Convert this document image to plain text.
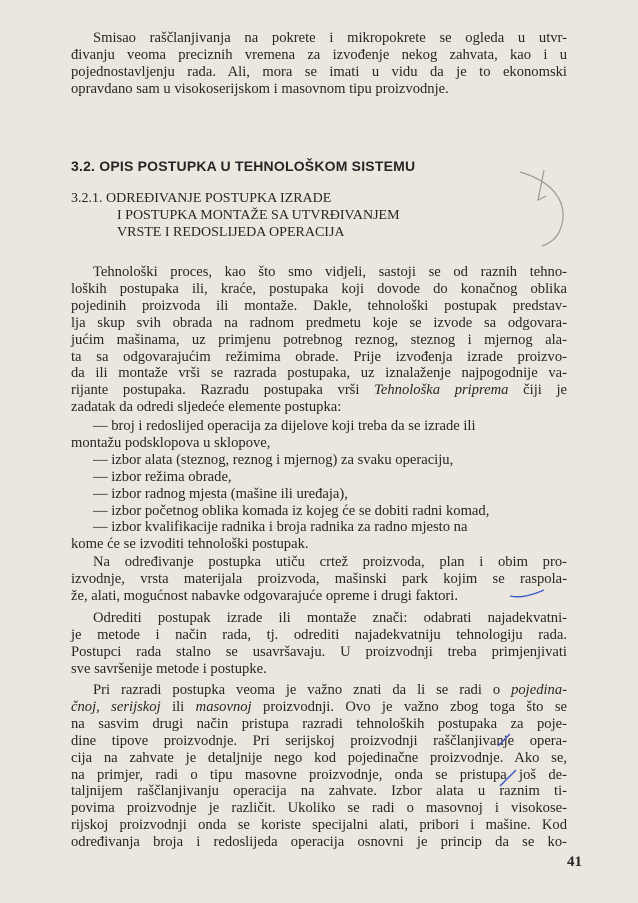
Smisao raščlanjivanja na pokrete i mikropokrete se ogleda u utvr-
đivanju veoma preciznih vremena za izvođenje nekog zahvata, kao i u
pojednostavljenju rada. Ali, mora se imati u vidu da je to ekonomski
opravdano sam u visokoserijskom i masovnom tipu proizvodnje.
3.2. OPIS POSTUPKA U TEHNOLOŠKOM SISTEMU
3.2.1. ODREĐIVANJE POSTUPKA IZRADE
I POSTUPKA MONTAŽE SA UTVRĐIVANJEM
VRSTE I REDOSLIJEDA OPERACIJA
Tehnološki proces, kao što smo vidjeli, sastoji se od raznih tehno-
loških postupaka ili, kraće, postupaka koji dovode do konačnog oblika
pojedinih proizvoda ili montaže. Dakle, tehnološki postupak predstav-
lja skup svih obrada na radnom predmetu koje se izvode sa odgovara-
jućim mašinama, uz primjenu potrebnog reznog, steznog i mjernog ala-
ta sa odgovarajućim režimima obrade. Prije izvođenja izrade proizvo-
da ili montaže vrši se razrada postupaka, uz iznalaženje najpogodnije va-
rijante postupaka. Razradu postupaka vrši Tehnološka priprema čiji je
zadatak da odredi sljedeće elemente postupka:
— broj i redoslijed operacija za dijelove koji treba da se izrade ili
montažu podsklopova u sklopove,
— izbor alata (steznog, reznog i mjernog) za svaku operaciju,
— izbor režima obrade,
— izbor radnog mjesta (mašine ili uređaja),
— izbor početnog oblika komada iz kojeg će se dobiti radni komad,
— izbor kvalifikacije radnika i broja radnika za radno mjesto na
kome će se izvoditi tehnološki postupak.
Na određivanje postupka utiču crtež proizvoda, plan i obim pro-
izvodnje, vrsta materijala proizvoda, mašinski park kojim se raspola-
že, alati, mogućnost nabavke odgovarajuće opreme i drugi faktori.
Odrediti postupak izrade ili montaže znači: odabrati najadekvatni-
je metode i način rada, tj. odrediti najadekvatniju tehnologiju rada.
Postupci rada stalno se usavršavaju. U proizvodnji treba primjenjivati
sve savršenije metode i postupke.
Pri razradi postupka veoma je važno znati da li se radi o pojedina-
čnoj, serijskoj ili masovnoj proizvodnji. Ovo je važno zbog toga što se
na sasvim drugi način pristupa razradi tehnoloških postupaka za poje-
dine tipove proizvodnje. Pri serijskoj proizvodnji raščlanjivanje opera-
cija na zahvate je detaljnije nego kod pojedinačne proizvodnje. Ako se,
na primjer, radi o tipu masovne proizvodnje, onda se pristupa još de-
taljnijem raščlanjivanju operacija na zahvate. Izbor alata u raznim ti-
povima proizvodnje je različit. Ukoliko se radi o masovnoj i visokose-
rijskoj proizvodnji onda se koriste specijalni alati, pribori i mašine. Kod
određivanja broja i redoslijeda operacija osnovni je princip da se ko-
41
